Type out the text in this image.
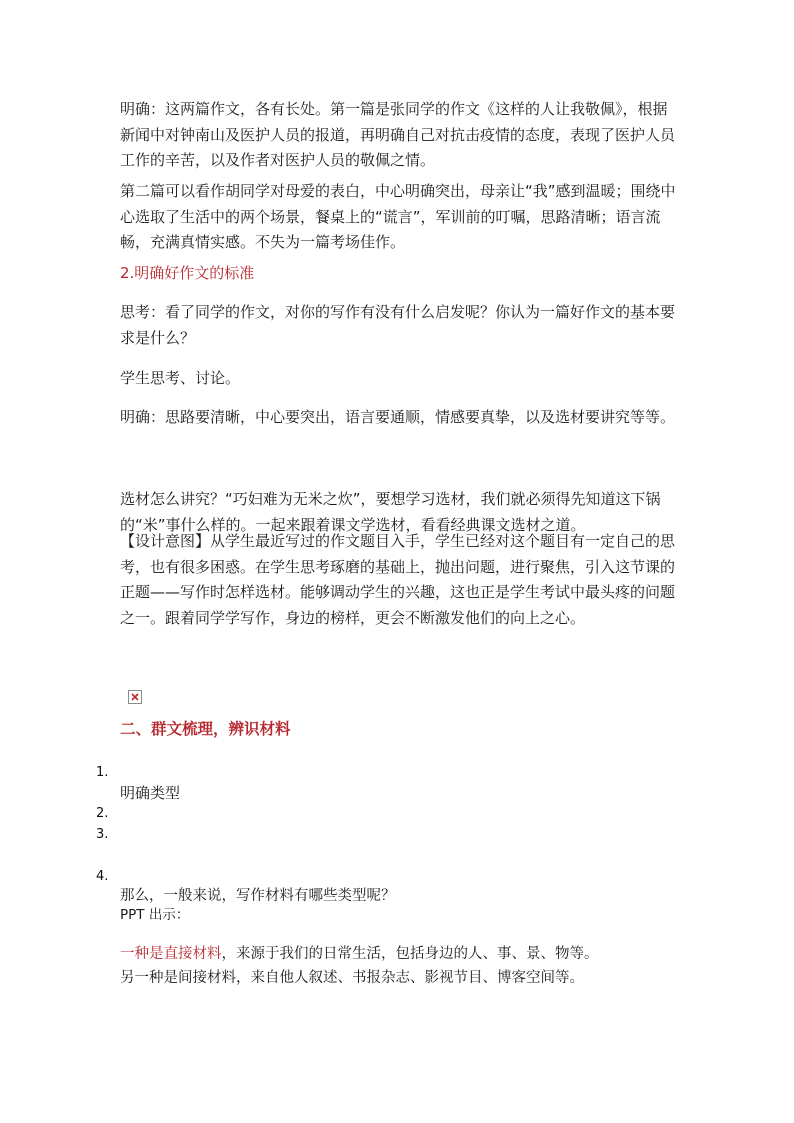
明确：这两篇作文，各有长处。第一篇是张同学的作文《这样的人让我敬佩》，根据新闻中对钟南山及医护人员的报道，再明确自己对抗击疫情的态度，表现了医护人员工作的辛苦，以及作者对医护人员的敬佩之情。

第二篇可以看作胡同学对母爱的表白，中心明确突出，母亲让“我”感到温暖；围绕中心选取了生活中的两个场景，餐桌上的“谎言”，军训前的叮嘱，思路清晰；语言流畅，充满真情实感。不失为一篇考场佳作。

2.明确好作文的标准

思考：看了同学的作文，对你的写作有没有什么启发呢？你认为一篇好作文的基本要求是什么？

学生思考、讨论。

明确：思路要清晰，中心要突出，语言要通顺，情感要真挚，以及选材要讲究等等。

选材怎么讲究？“巧妇难为无米之炊”，要想学习选材，我们就必须得先知道这下锅的“米”事什么样的。一起来跟着课文学选材，看看经典课文选材之道。

【设计意图】从学生最近写过的作文题目入手，学生已经对这个题目有一定自己的思考，也有很多困惑。在学生思考琢磨的基础上，抛出问题，进行聚焦，引入这节课的正题——写作时怎样选材。能够调动学生的兴趣，这也正是学生考试中最头疼的问题之一。跟着同学学写作，身边的榜样，更会不断激发他们的向上之心。

二、群文梳理，辨识材料

1.
明确类型
2.
3.
4.
那么，一般来说，写作材料有哪些类型呢？
PPT 出示：

一种是直接材料，来源于我们的日常生活，包括身边的人、事、景、物等。

另一种是间接材料，来自他人叙述、书报杂志、影视节目、博客空间等。
